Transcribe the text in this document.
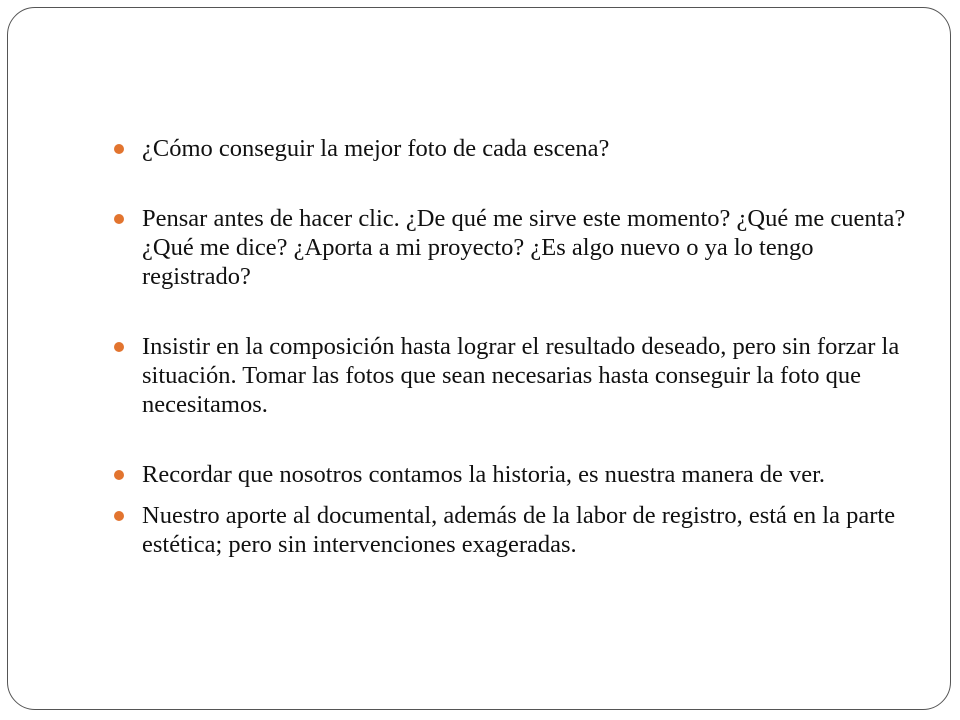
¿Cómo conseguir la mejor foto de cada escena?
Pensar antes de hacer clic. ¿De qué me sirve este momento? ¿Qué me cuenta? ¿Qué me dice? ¿Aporta a mi proyecto? ¿Es algo nuevo o ya lo tengo registrado?
Insistir en la composición hasta lograr el resultado deseado, pero sin forzar la situación. Tomar las fotos que sean necesarias hasta conseguir la foto que necesitamos.
Recordar que nosotros contamos la historia, es nuestra manera de ver.
Nuestro aporte al documental, además de la labor de registro, está en la parte estética; pero sin intervenciones exageradas.
